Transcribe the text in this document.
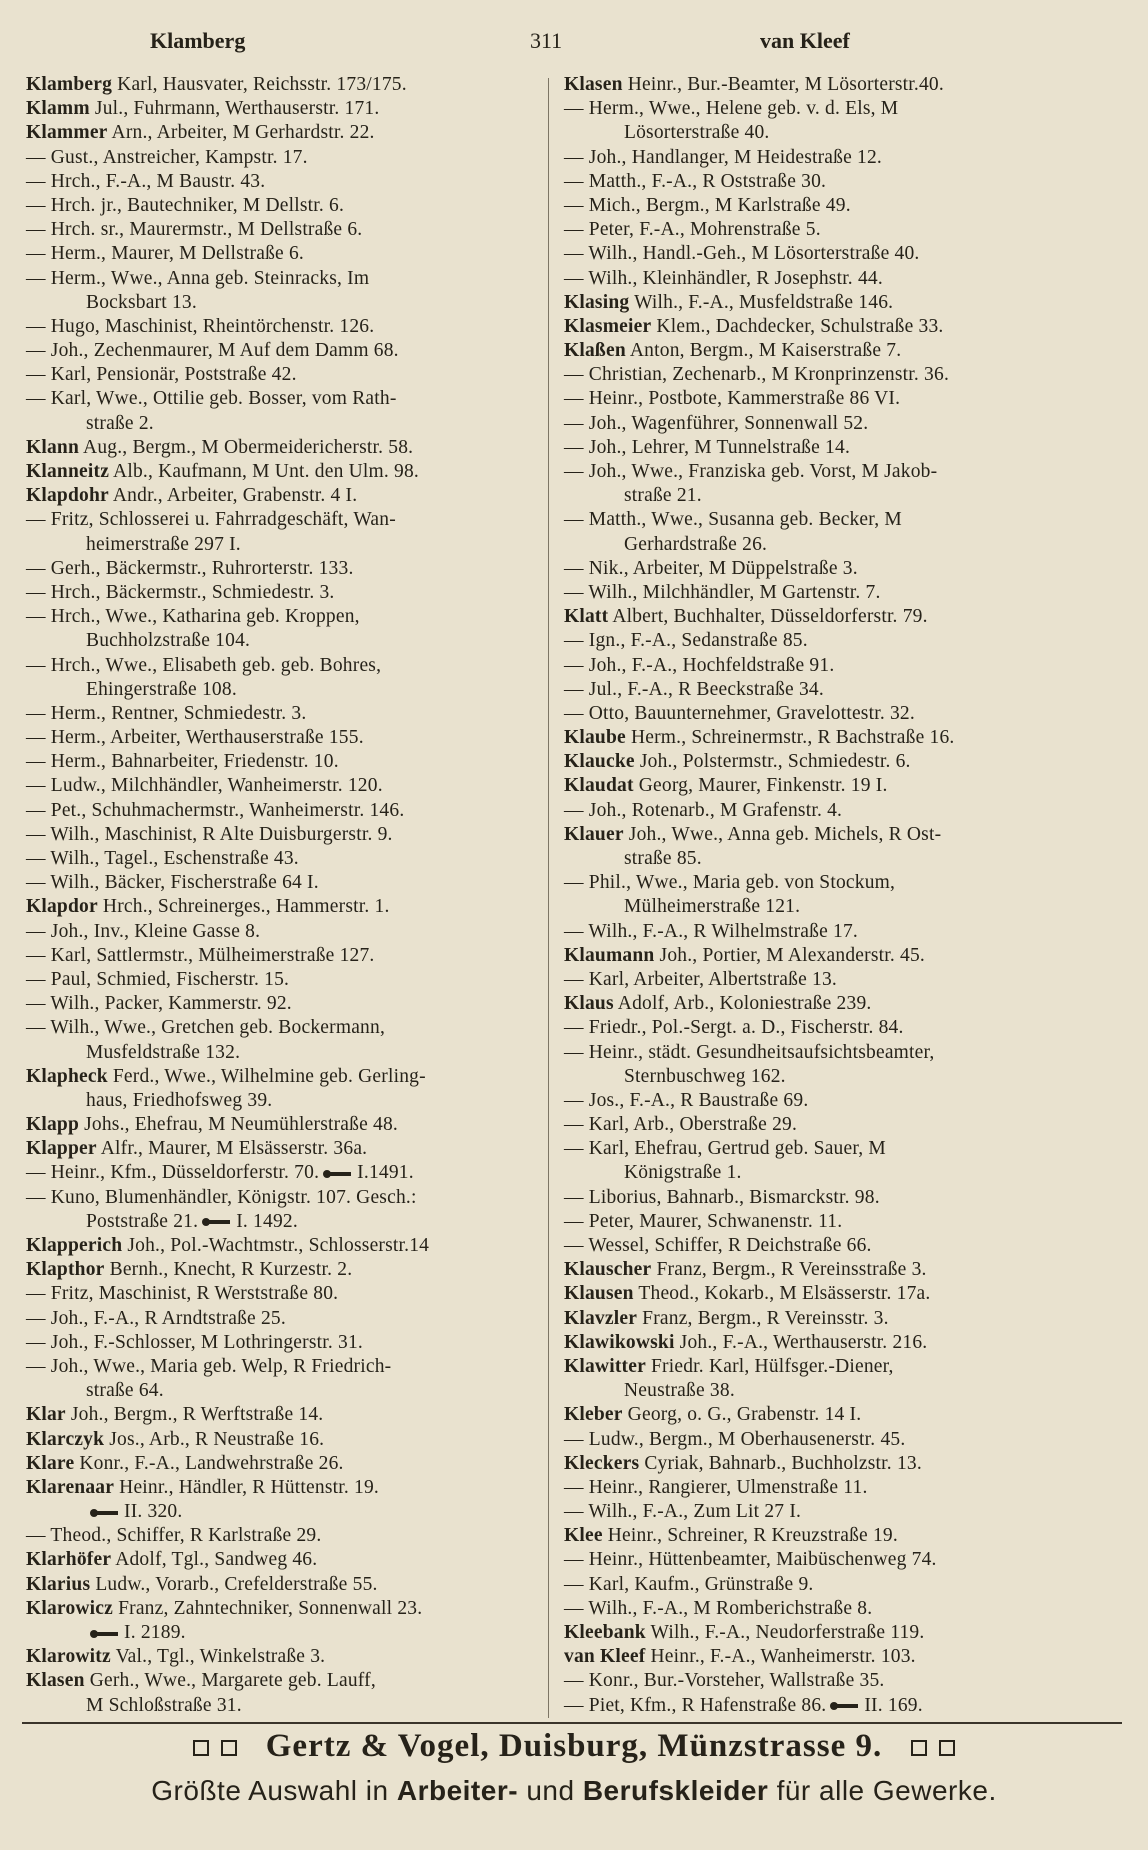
Klamberg	311	van Kleef
Klamberg Karl, Hausvater, Reichsstr. 173/175.
Klamm Jul., Fuhrmann, Werthauserstr. 171.
Klammer Arn., Arbeiter, M Gerhardstr. 22.
— Gust., Anstreicher, Kampstr. 17.
— Hrch., F.-A., M Baustr. 43.
— Hrch. jr., Bautechniker, M Dellstr. 6.
— Hrch. sr., Maurermstr., M Dellstraße 6.
— Herm., Maurer, M Dellstraße 6.
— Herm., Wwe., Anna geb. Steinracks, Im
Bocksbart 13.
— Hugo, Maschinist, Rheintörchenstr. 126.
— Joh., Zechenmaurer, M Auf dem Damm 68.
— Karl, Pensionär, Poststraße 42.
— Karl, Wwe., Ottilie geb. Bosser, vom Rath-
straße 2.
Klann Aug., Bergm., M Obermeidericherstr. 58.
Klanneitz Alb., Kaufmann, M Unt. den Ulm. 98.
Klapdohr Andr., Arbeiter, Grabenstr. 4 I.
— Fritz, Schlosserei u. Fahrradgeschäft, Wan-
heimerstraße 297 I.
— Gerh., Bäckermstr., Ruhrorterstr. 133.
— Hrch., Bäckermstr., Schmiedestr. 3.
— Hrch., Wwe., Katharina geb. Kroppen,
Buchholzstraße 104.
— Hrch., Wwe., Elisabeth geb. geb. Bohres,
Ehingerstraße 108.
— Herm., Rentner, Schmiedestr. 3.
— Herm., Arbeiter, Werthauserstraße 155.
— Herm., Bahnarbeiter, Friedenstr. 10.
— Ludw., Milchhändler, Wanheimerstr. 120.
— Pet., Schuhmachermstr., Wanheimerstr. 146.
— Wilh., Maschinist, R Alte Duisburgerstr. 9.
— Wilh., Tagel., Eschenstraße 43.
— Wilh., Bäcker, Fischerstraße 64 I.
Klapdor Hrch., Schreinerges., Hammerstr. 1.
— Joh., Inv., Kleine Gasse 8.
— Karl, Sattlermstr., Mülheimerstraße 127.
— Paul, Schmied, Fischerstr. 15.
— Wilh., Packer, Kammerstr. 92.
— Wilh., Wwe., Gretchen geb. Bockermann,
Musfeldstraße 132.
Klapheck Ferd., Wwe., Wilhelmine geb. Gerling-
haus, Friedhofsweg 39.
Klapp Johs., Ehefrau, M Neumühlerstraße 48.
Klapper Alfr., Maurer, M Elsässerstr. 36a.
— Heinr., Kfm., Düsseldorferstr. 70. I.1491.
— Kuno, Blumenhändler, Königstr. 107. Gesch.:
Poststraße 21. I. 1492.
Klapperich Joh., Pol.-Wachtmstr., Schlosserstr.14
Klapthor Bernh., Knecht, R Kurzestr. 2.
— Fritz, Maschinist, R Werststraße 80.
— Joh., F.-A., R Arndtstraße 25.
— Joh., F.-Schlosser, M Lothringerstr. 31.
— Joh., Wwe., Maria geb. Welp, R Friedrich-
straße 64.
Klar Joh., Bergm., R Werftstraße 14.
Klarczyk Jos., Arb., R Neustraße 16.
Klare Konr., F.-A., Landwehrstraße 26.
Klarenaar Heinr., Händler, R Hüttenstr. 19.
II. 320.
— Theod., Schiffer, R Karlstraße 29.
Klarhöfer Adolf, Tgl., Sandweg 46.
Klarius Ludw., Vorarb., Crefelderstraße 55.
Klarowicz Franz, Zahntechniker, Sonnenwall 23.
I. 2189.
Klarowitz Val., Tgl., Winkelstraße 3.
Klasen Gerh., Wwe., Margarete geb. Lauff,
M Schloßstraße 31.
Klasen Heinr., Bur.-Beamter, M Lösorterstr.40.
— Herm., Wwe., Helene geb. v. d. Els, M
Lösorterstraße 40.
— Joh., Handlanger, M Heidestraße 12.
— Matth., F.-A., R Oststraße 30.
— Mich., Bergm., M Karlstraße 49.
— Peter, F.-A., Mohrenstraße 5.
— Wilh., Handl.-Geh., M Lösorterstraße 40.
— Wilh., Kleinhändler, R Josephstr. 44.
Klasing Wilh., F.-A., Musfeldstraße 146.
Klasmeier Klem., Dachdecker, Schulstraße 33.
Klaßen Anton, Bergm., M Kaiserstraße 7.
— Christian, Zechenarb., M Kronprinzenstr. 36.
— Heinr., Postbote, Kammerstraße 86 VI.
— Joh., Wagenführer, Sonnenwall 52.
— Joh., Lehrer, M Tunnelstraße 14.
— Joh., Wwe., Franziska geb. Vorst, M Jakob-
straße 21.
— Matth., Wwe., Susanna geb. Becker, M
Gerhardstraße 26.
— Nik., Arbeiter, M Düppelstraße 3.
— Wilh., Milchhändler, M Gartenstr. 7.
Klatt Albert, Buchhalter, Düsseldorferstr. 79.
— Ign., F.-A., Sedanstraße 85.
— Joh., F.-A., Hochfeldstraße 91.
— Jul., F.-A., R Beeckstraße 34.
— Otto, Bauunternehmer, Gravelottestr. 32.
Klaube Herm., Schreinermstr., R Bachstraße 16.
Klaucke Joh., Polstermstr., Schmiedestr. 6.
Klaudat Georg, Maurer, Finkenstr. 19 I.
— Joh., Rotenarb., M Grafenstr. 4.
Klauer Joh., Wwe., Anna geb. Michels, R Ost-
straße 85.
— Phil., Wwe., Maria geb. von Stockum,
Mülheimerstraße 121.
— Wilh., F.-A., R Wilhelmstraße 17.
Klaumann Joh., Portier, M Alexanderstr. 45.
— Karl, Arbeiter, Albertstraße 13.
Klaus Adolf, Arb., Koloniestraße 239.
— Friedr., Pol.-Sergt. a. D., Fischerstr. 84.
— Heinr., städt. Gesundheitsaufsichtsbeamter,
Sternbuschweg 162.
— Jos., F.-A., R Baustraße 69.
— Karl, Arb., Oberstraße 29.
— Karl, Ehefrau, Gertrud geb. Sauer, M
Königstraße 1.
— Liborius, Bahnarb., Bismarckstr. 98.
— Peter, Maurer, Schwanenstr. 11.
— Wessel, Schiffer, R Deichstraße 66.
Klauscher Franz, Bergm., R Vereinsstraße 3.
Klausen Theod., Kokarb., M Elsässerstr. 17a.
Klavzler Franz, Bergm., R Vereinsstr. 3.
Klawikowski Joh., F.-A., Werthauserstr. 216.
Klawitter Friedr. Karl, Hülfsger.-Diener,
Neustraße 38.
Kleber Georg, o. G., Grabenstr. 14 I.
— Ludw., Bergm., M Oberhausenerstr. 45.
Kleckers Cyriak, Bahnarb., Buchholzstr. 13.
— Heinr., Rangierer, Ulmenstraße 11.
— Wilh., F.-A., Zum Lit 27 I.
Klee Heinr., Schreiner, R Kreuzstraße 19.
— Heinr., Hüttenbeamter, Maibüschenweg 74.
— Karl, Kaufm., Grünstraße 9.
— Wilh., F.-A., M Romberichstraße 8.
Kleebank Wilh., F.-A., Neudorferstraße 119.
van Kleef Heinr., F.-A., Wanheimerstr. 103.
— Konr., Bur.-Vorsteher, Wallstraße 35.
— Piet, Kfm., R Hafenstraße 86. II. 169.
Gertz & Vogel, Duisburg, Münzstrasse 9.
Größte Auswahl in Arbeiter- und Berufskleider für alle Gewerke.
